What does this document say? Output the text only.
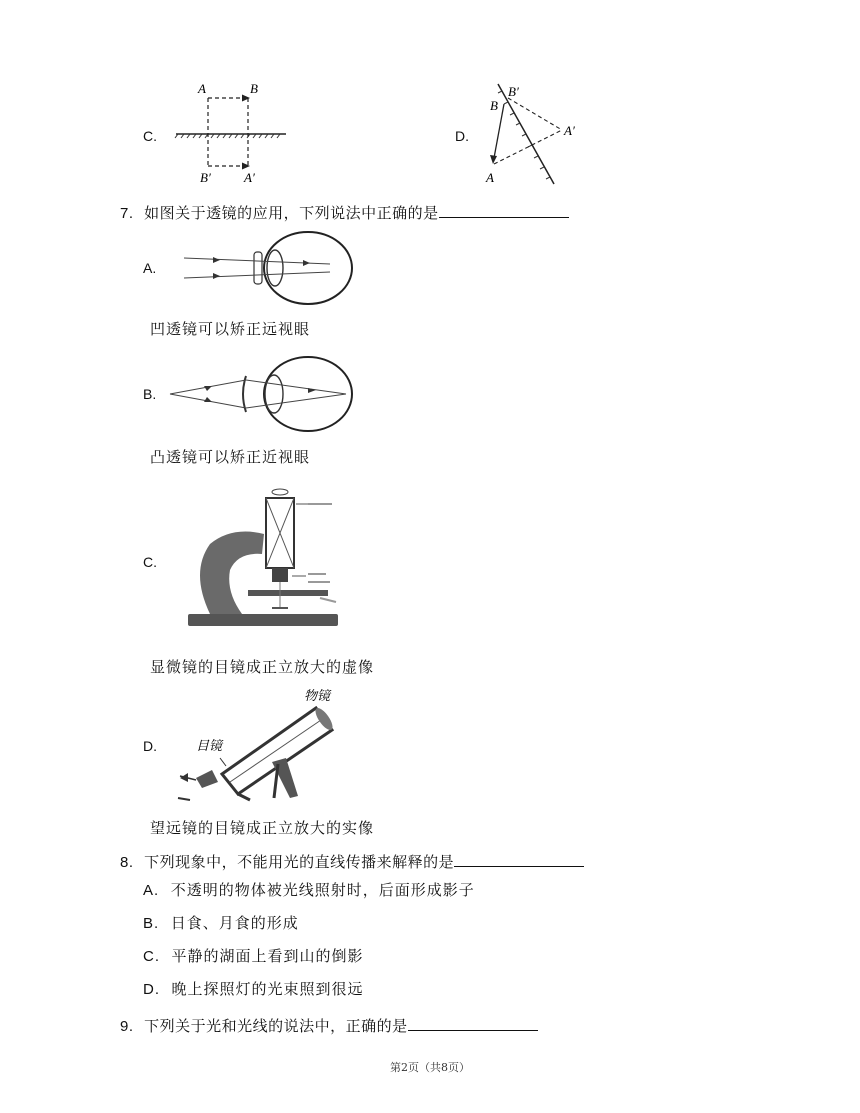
C.
A	B
B′	A′
D.
B′
B
A′
A
7. 如图关于透镜的应用，下列说法中正确的是
A.
凹透镜可以矫正远视眼
B.
凸透镜可以矫正近视眼
C.
显微镜的目镜成正立放大的虚像
D.
物镜
目镜
望远镜的目镜成正立放大的实像
8. 下列现象中，不能用光的直线传播来解释的是
A. 不透明的物体被光线照射时，后面形成影子
B. 日食、月食的形成
C. 平静的湖面上看到山的倒影
D. 晚上探照灯的光束照到很远
9. 下列关于光和光线的说法中，正确的是
第2页（共8页）
